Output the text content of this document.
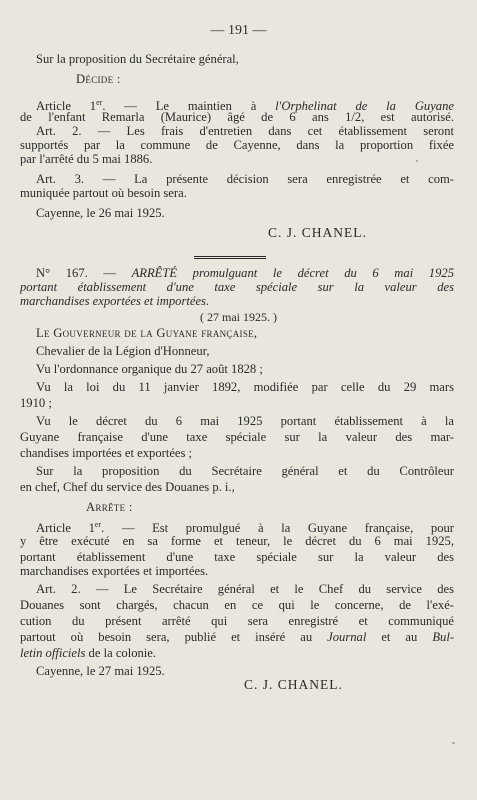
— 191 —
Sur la proposition du Secrétaire général,
Décide :
Article 1er. — Le maintien à l'Orphelinat de la Guyane
de l'enfant Remarla (Maurice) âgé de 6 ans 1/2, est autorisé.
Art. 2. — Les frais d'entretien dans cet établissement seront
supportés par la commune de Cayenne, dans la proportion fixée
par l'arrêté du 5 mai 1886.
Art. 3. — La présente décision sera enregistrée et com-
muniquée partout où besoin sera.
Cayenne, le 26 mai 1925.
C. J. CHANEL.
N° 167. — ARRÊTÉ promulguant le décret du 6 mai 1925
portant établissement d'une taxe spéciale sur la valeur des
marchandises exportées et importées.
( 27 mai 1925. )
Le Gouverneur de la Guyane française,
Chevalier de la Légion d'Honneur,
Vu l'ordonnance organique du 27 août 1828 ;
Vu la loi du 11 janvier 1892, modifiée par celle du 29 mars
1910 ;
Vu le décret du 6 mai 1925 portant établissement à la
Guyane française d'une taxe spéciale sur la valeur des mar-
chandises importées et exportées ;
Sur la proposition du Secrétaire général et du Contrôleur
en chef, Chef du service des Douanes p. i.,
Arrête :
Article 1er. — Est promulgué à la Guyane française, pour
y être exécuté en sa forme et teneur, le décret du 6 mai 1925,
portant établissement d'une taxe spéciale sur la valeur des
marchandises exportées et importées.
Art. 2. — Le Secrétaire général et le Chef du service des
Douanes sont chargés, chacun en ce qui le concerne, de l'exé-
cution du présent arrêté qui sera enregistré et communiqué
partout où besoin sera, publié et inséré au Journal et au Bul-
letin officiels de la colonie.
Cayenne, le 27 mai 1925.
C. J. CHANEL.
